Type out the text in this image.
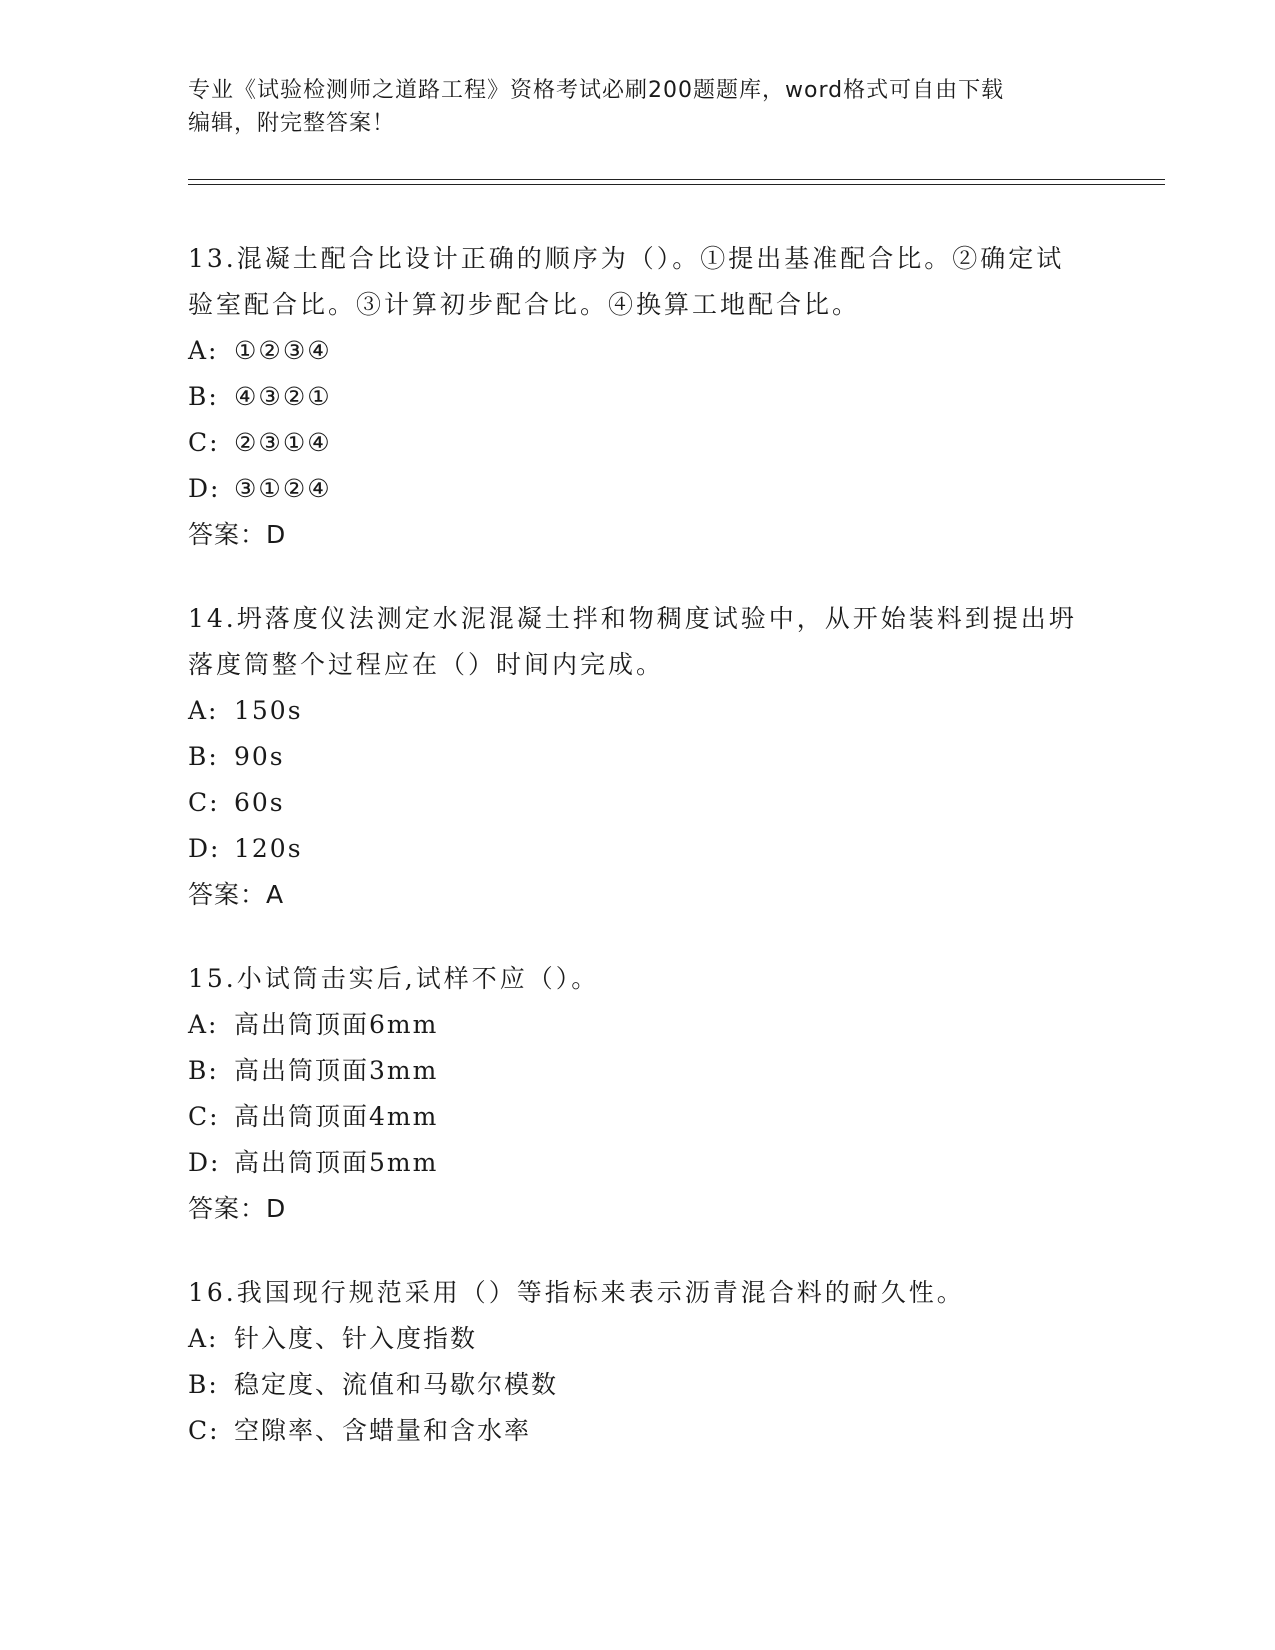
专业《试验检测师之道路工程》资格考试必刷200题题库，word格式可自由下载
编辑，附完整答案！
13.混凝土配合比设计正确的顺序为（）。①提出基准配合比。②确定试验室配合比。③计算初步配合比。④换算工地配合比。
A: ①②③④
B: ④③②①
C: ②③①④
D: ③①②④
答案：D
14.坍落度仪法测定水泥混凝土拌和物稠度试验中，从开始装料到提出坍落度筒整个过程应在（）时间内完成。
A: 150s
B: 90s
C: 60s
D: 120s
答案：A
15.小试筒击实后,试样不应（）。
A: 高出筒顶面6mm
B: 高出筒顶面3mm
C: 高出筒顶面4mm
D: 高出筒顶面5mm
答案：D
16.我国现行规范采用（）等指标来表示沥青混合料的耐久性。
A: 针入度、针入度指数
B: 稳定度、流值和马歇尔模数
C: 空隙率、含蜡量和含水率
